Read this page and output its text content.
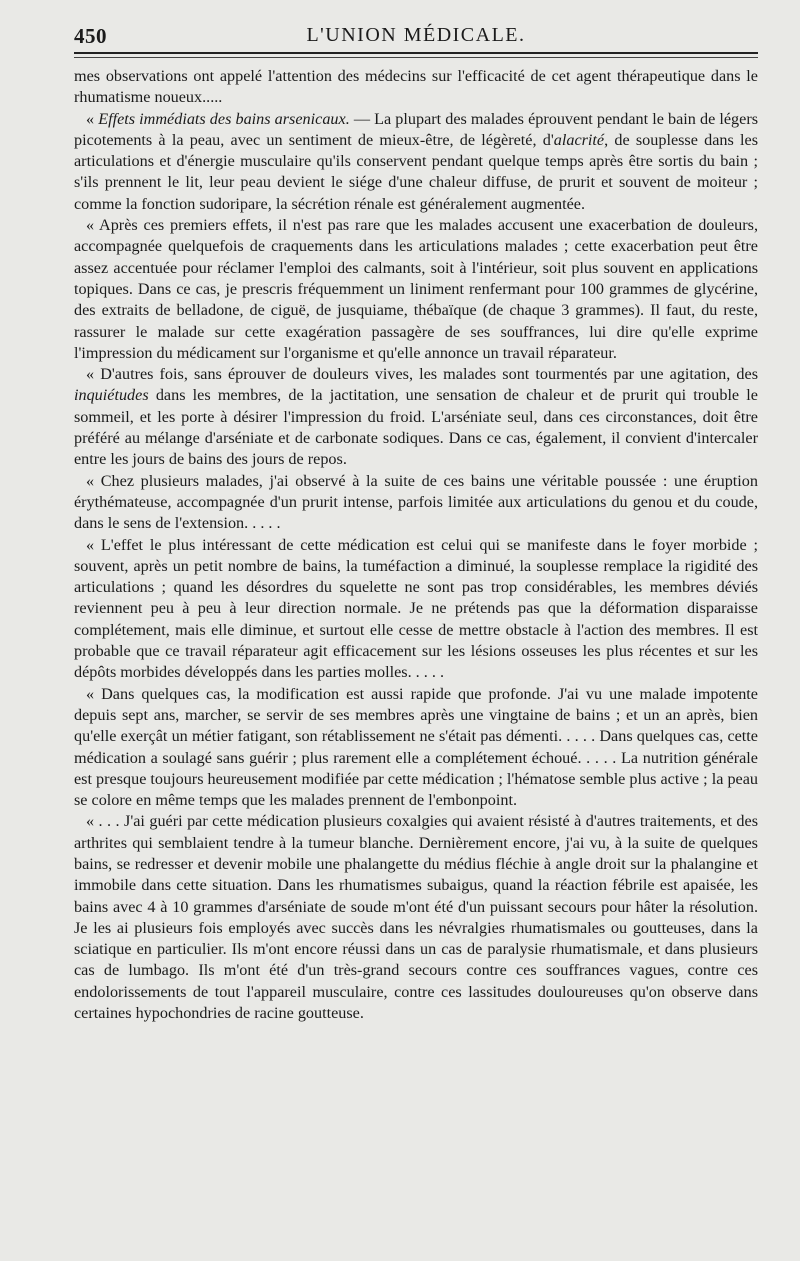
450	L'UNION MÉDICALE.

mes observations ont appelé l'attention des médecins sur l'efficacité de cet agent thérapeutique dans le rhumatisme noueux.....

« Effets immédiats des bains arsenicaux. — La plupart des malades éprouvent pendant le bain de légers picotements à la peau, avec un sentiment de mieux-être, de légèreté, d'alacrité, de souplesse dans les articulations et d'énergie musculaire qu'ils conservent pendant quelque temps après être sortis du bain ; s'ils prennent le lit, leur peau devient le siége d'une chaleur diffuse, de prurit et souvent de moiteur ; comme la fonction sudoripare, la sécrétion rénale est généralement augmentée.

« Après ces premiers effets, il n'est pas rare que les malades accusent une exacerbation de douleurs, accompagnée quelquefois de craquements dans les articulations malades ; cette exacerbation peut être assez accentuée pour réclamer l'emploi des calmants, soit à l'intérieur, soit plus souvent en applications topiques. Dans ce cas, je prescris fréquemment un liniment renfermant pour 100 grammes de glycérine, des extraits de belladone, de ciguë, de jusquiame, thébaïque (de chaque 3 grammes). Il faut, du reste, rassurer le malade sur cette exagération passagère de ses souffrances, lui dire qu'elle exprime l'impression du médicament sur l'organisme et qu'elle annonce un travail réparateur.

« D'autres fois, sans éprouver de douleurs vives, les malades sont tourmentés par une agitation, des inquiétudes dans les membres, de la jactitation, une sensation de chaleur et de prurit qui trouble le sommeil, et les porte à désirer l'impression du froid. L'arséniate seul, dans ces circonstances, doit être préféré au mélange d'arséniate et de carbonate sodiques. Dans ce cas, également, il convient d'intercaler entre les jours de bains des jours de repos.

« Chez plusieurs malades, j'ai observé à la suite de ces bains une véritable poussée : une éruption érythémateuse, accompagnée d'un prurit intense, parfois limitée aux articulations du genou et du coude, dans le sens de l'extension. . . . .

« L'effet le plus intéressant de cette médication est celui qui se manifeste dans le foyer morbide ; souvent, après un petit nombre de bains, la tuméfaction a diminué, la souplesse remplace la rigidité des articulations ; quand les désordres du squelette ne sont pas trop considérables, les membres déviés reviennent peu à peu à leur direction normale. Je ne prétends pas que la déformation disparaisse complétement, mais elle diminue, et surtout elle cesse de mettre obstacle à l'action des membres. Il est probable que ce travail réparateur agit efficacement sur les lésions osseuses les plus récentes et sur les dépôts morbides développés dans les parties molles. . . . .

« Dans quelques cas, la modification est aussi rapide que profonde. J'ai vu une malade impotente depuis sept ans, marcher, se servir de ses membres après une vingtaine de bains ; et un an après, bien qu'elle exerçât un métier fatigant, son rétablissement ne s'était pas démenti. . . . . Dans quelques cas, cette médication a soulagé sans guérir ; plus rarement elle a complétement échoué. . . . . La nutrition générale est presque toujours heureusement modifiée par cette médication ; l'hématose semble plus active ; la peau se colore en même temps que les malades prennent de l'embonpoint.

« . . . J'ai guéri par cette médication plusieurs coxalgies qui avaient résisté à d'autres traitements, et des arthrites qui semblaient tendre à la tumeur blanche. Dernièrement encore, j'ai vu, à la suite de quelques bains, se redresser et devenir mobile une phalangette du médius fléchie à angle droit sur la phalangine et immobile dans cette situation. Dans les rhumatismes subaigus, quand la réaction fébrile est apaisée, les bains avec 4 à 10 grammes d'arséniate de soude m'ont été d'un puissant secours pour hâter la résolution. Je les ai plusieurs fois employés avec succès dans les névralgies rhumatismales ou goutteuses, dans la sciatique en particulier. Ils m'ont encore réussi dans un cas de paralysie rhumatismale, et dans plusieurs cas de lumbago. Ils m'ont été d'un très-grand secours contre ces souffrances vagues, contre ces endolorissements de tout l'appareil musculaire, contre ces lassitudes douloureuses qu'on observe dans certaines hypochondries de racine goutteuse.
